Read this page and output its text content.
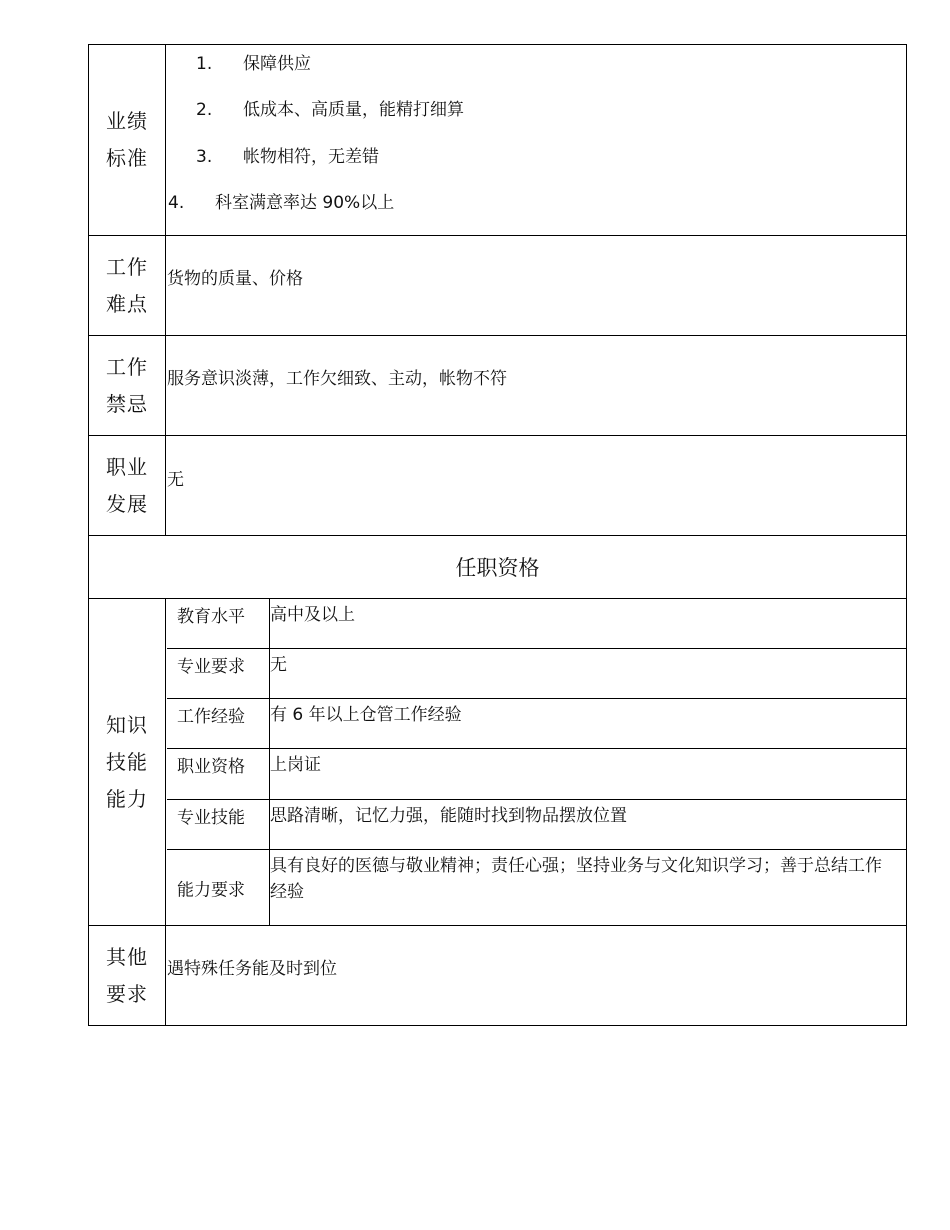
业绩标准
1. 保障供应
2. 低成本、高质量，能精打细算
3. 帐物相符，无差错
4. 科室满意率达 90%以上
工作难点
货物的质量、价格
工作禁忌
服务意识淡薄，工作欠细致、主动，帐物不符
职业发展
无
任职资格
知识技能能力
教育水平 高中及以上
专业要求 无
工作经验 有 6 年以上仓管工作经验
职业资格 上岗证
专业技能 思路清晰，记忆力强，能随时找到物品摆放位置
能力要求
具有良好的医德与敬业精神；责任心强；坚持业务与文化知识学习；善于总结工作经验
其他要求
遇特殊任务能及时到位
